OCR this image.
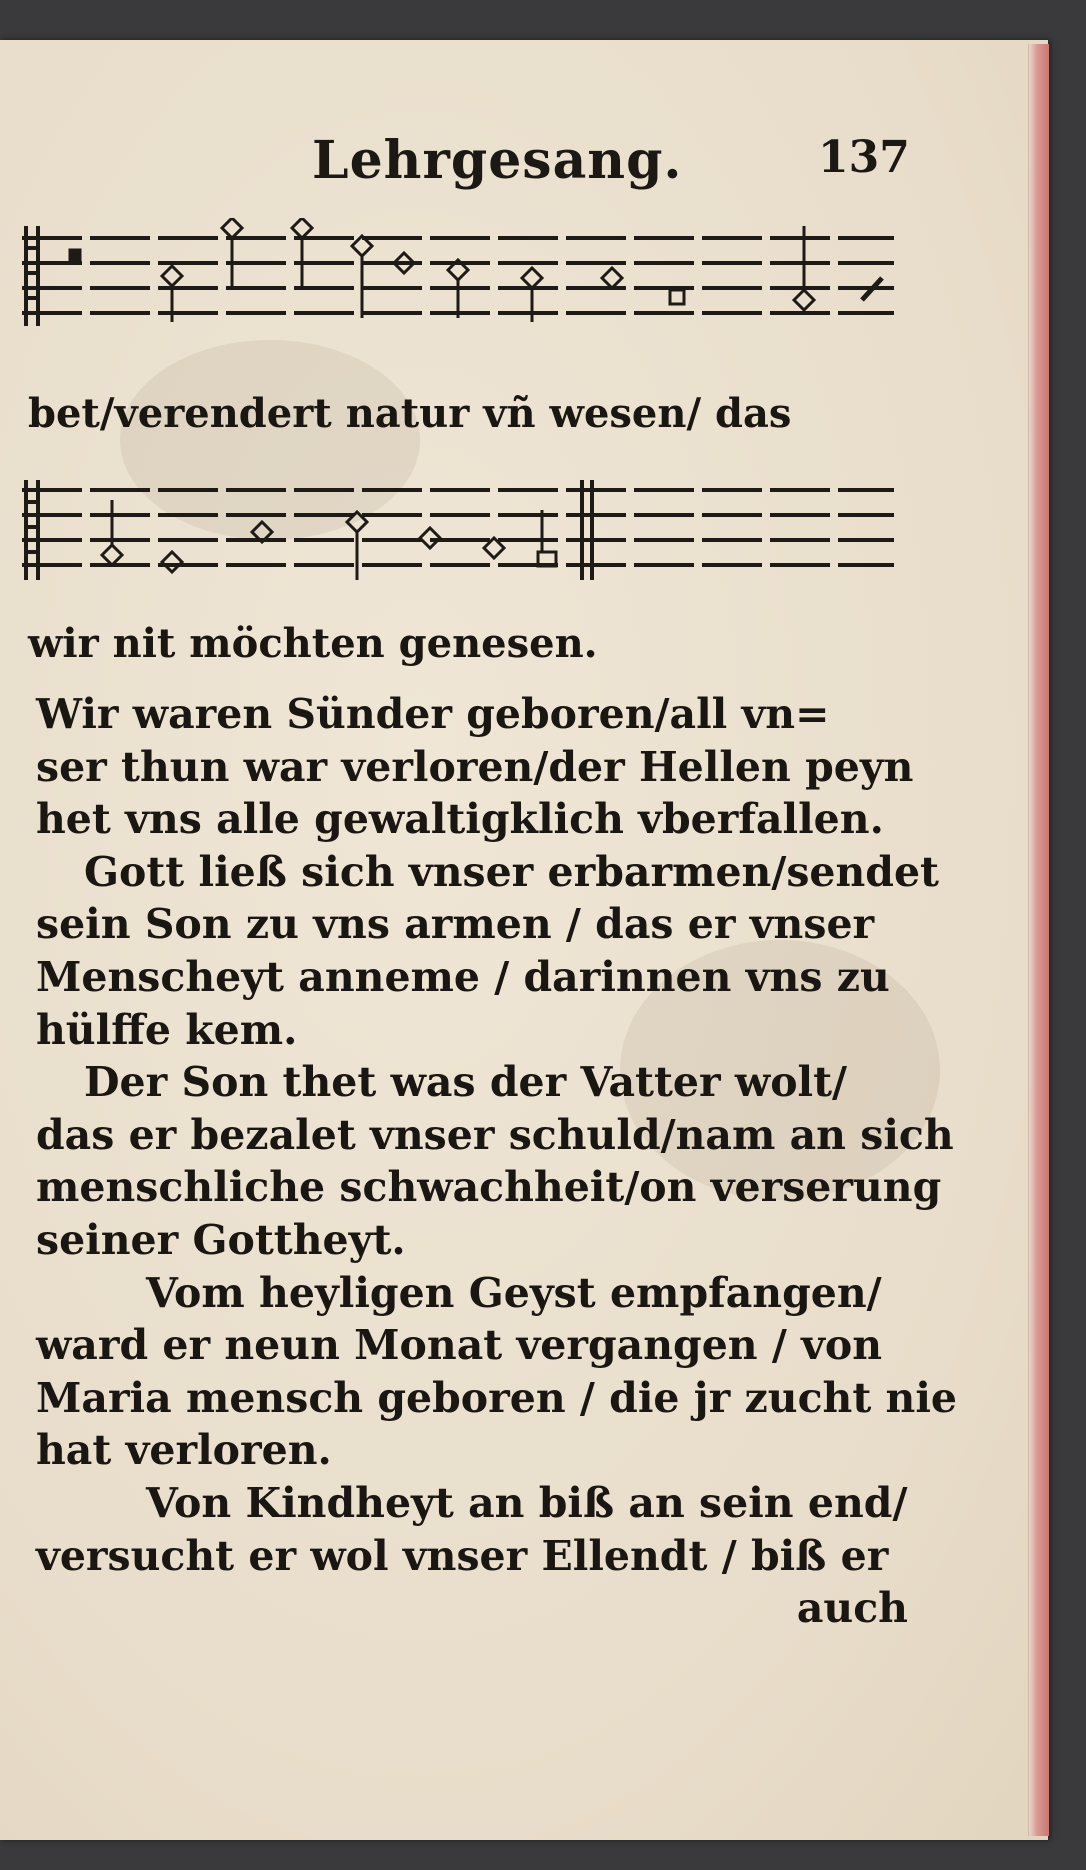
Lehrgesang.	137
bet/verendert natur vñ wesen/ das
wir nit möchten genesen.
Wir waren Sünder geboren/all vn=
ser thun war verloren/der Hellen peyn
het vns alle gewaltigklich vberfallen.
Gott ließ sich vnser erbarmen/sendet
sein Son zu vns armen / das er vnser
Menscheyt anneme / darinnen vns zu
hülffe kem.
Der Son thet was der Vatter wolt/
das er bezalet vnser schuld/nam an sich
menschliche schwachheit/on verserung
seiner Gottheyt.
Vom heyligen Geyst empfangen/
ward er neun Monat vergangen / von
Maria mensch geboren / die jr zucht nie
hat verloren.
Von Kindheyt an biß an sein end/
versucht er wol vnser Ellendt / biß er
auch
